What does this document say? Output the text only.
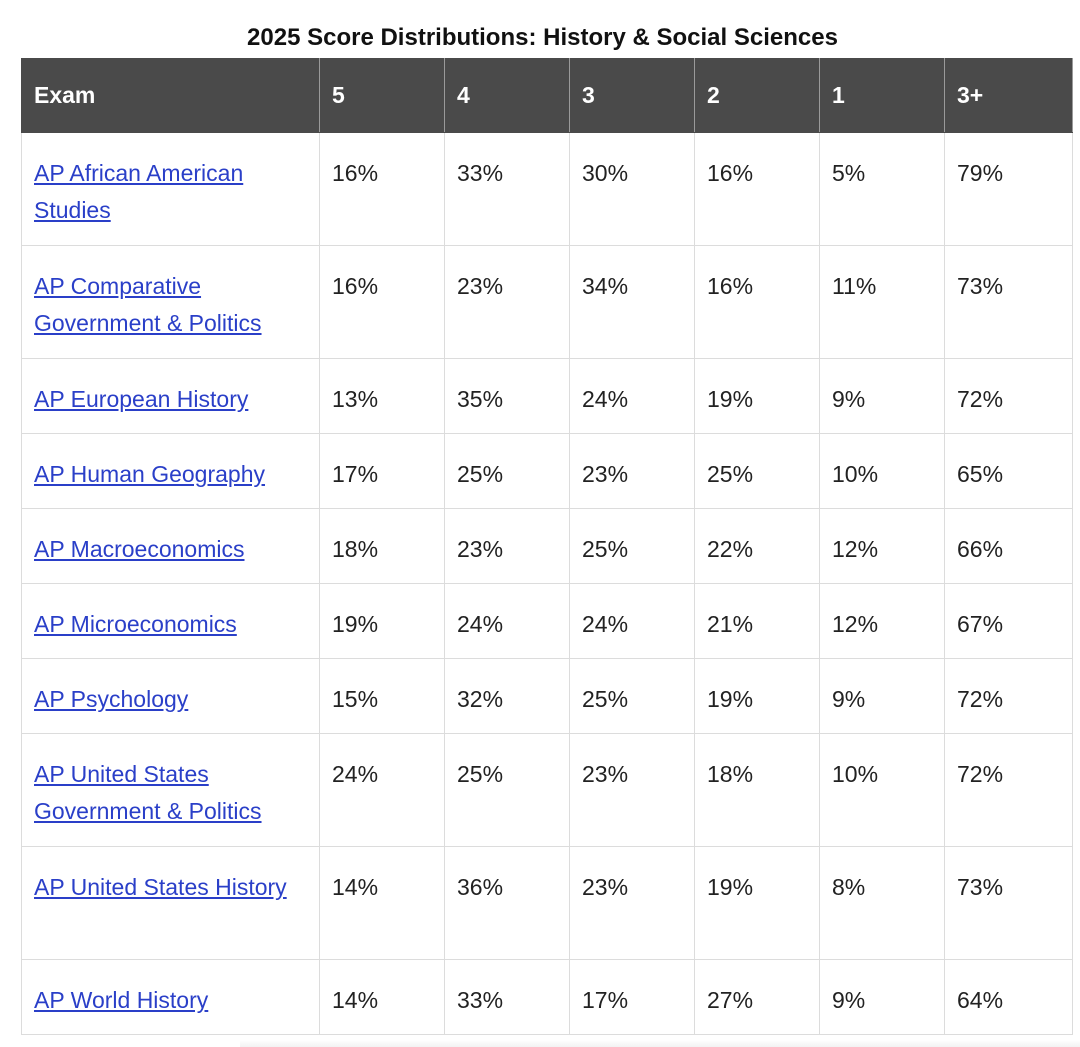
2025 Score Distributions: History & Social Sciences
Exam	5	4	3	2	1	3+
AP African American Studies	16%	33%	30%	16%	5%	79%
AP Comparative Government & Politics	16%	23%	34%	16%	11%	73%
AP European History	13%	35%	24%	19%	9%	72%
AP Human Geography	17%	25%	23%	25%	10%	65%
AP Macroeconomics	18%	23%	25%	22%	12%	66%
AP Microeconomics	19%	24%	24%	21%	12%	67%
AP Psychology	15%	32%	25%	19%	9%	72%
AP United States Government & Politics	24%	25%	23%	18%	10%	72%
AP United States History	14%	36%	23%	19%	8%	73%
AP World History	14%	33%	17%	27%	9%	64%
